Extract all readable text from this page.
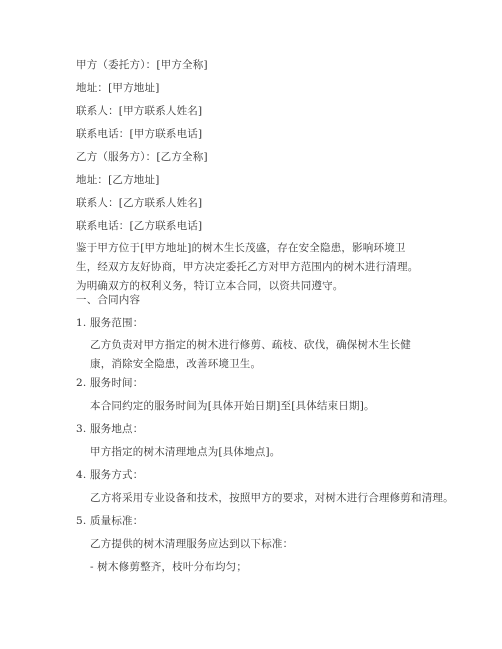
甲方（委托方）：[甲方全称]
地址：[甲方地址]
联系人：[甲方联系人姓名]
联系电话：[甲方联系电话]
乙方（服务方）：[乙方全称]
地址：[乙方地址]
联系人：[乙方联系人姓名]
联系电话：[乙方联系电话]
鉴于甲方位于[甲方地址]的树木生长茂盛，存在安全隐患，影响环境卫生，经双方友好协商，甲方决定委托乙方对甲方范围内的树木进行清理。为明确双方的权利义务，特订立本合同，以资共同遵守。
一、合同内容
1. 服务范围：
乙方负责对甲方指定的树木进行修剪、疏枝、砍伐，确保树木生长健康，消除安全隐患，改善环境卫生。
2. 服务时间：
本合同约定的服务时间为[具体开始日期]至[具体结束日期]。
3. 服务地点：
甲方指定的树木清理地点为[具体地点]。
4. 服务方式：
乙方将采用专业设备和技术，按照甲方的要求，对树木进行合理修剪和清理。
5. 质量标准：
乙方提供的树木清理服务应达到以下标准：
- 树木修剪整齐，枝叶分布均匀；
